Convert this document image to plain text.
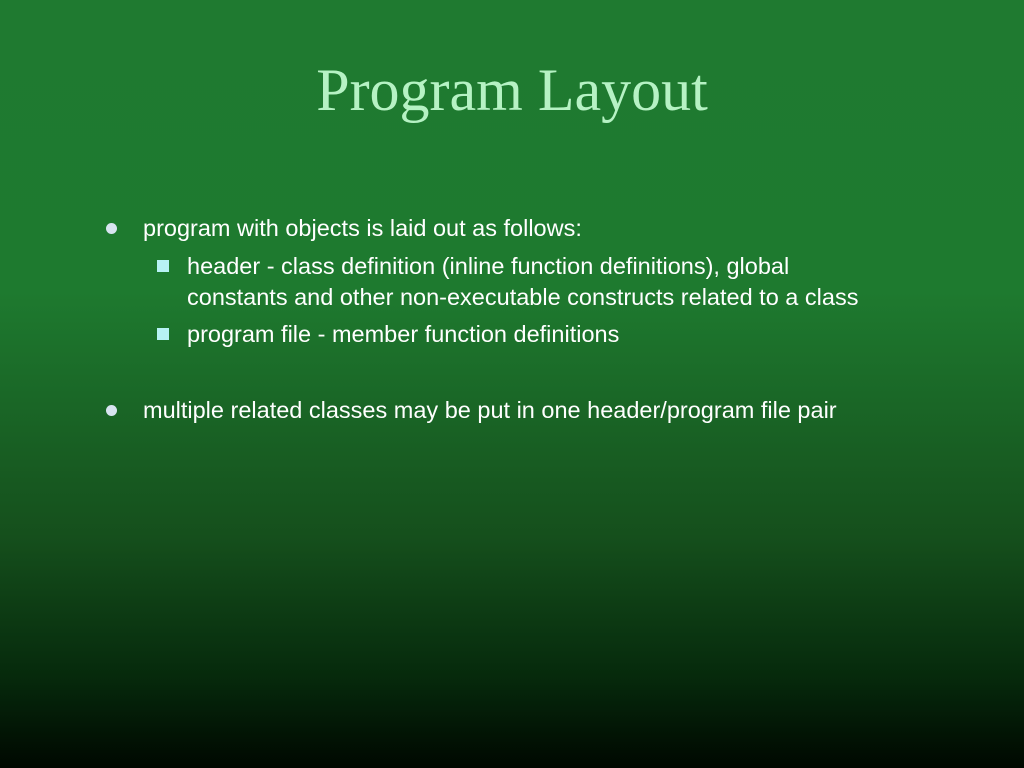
Program Layout
program with objects is laid out as follows:
header - class definition (inline function definitions), global
constants and other non-executable constructs related to a class
program file - member function definitions
multiple related classes may be put in one header/program file pair
